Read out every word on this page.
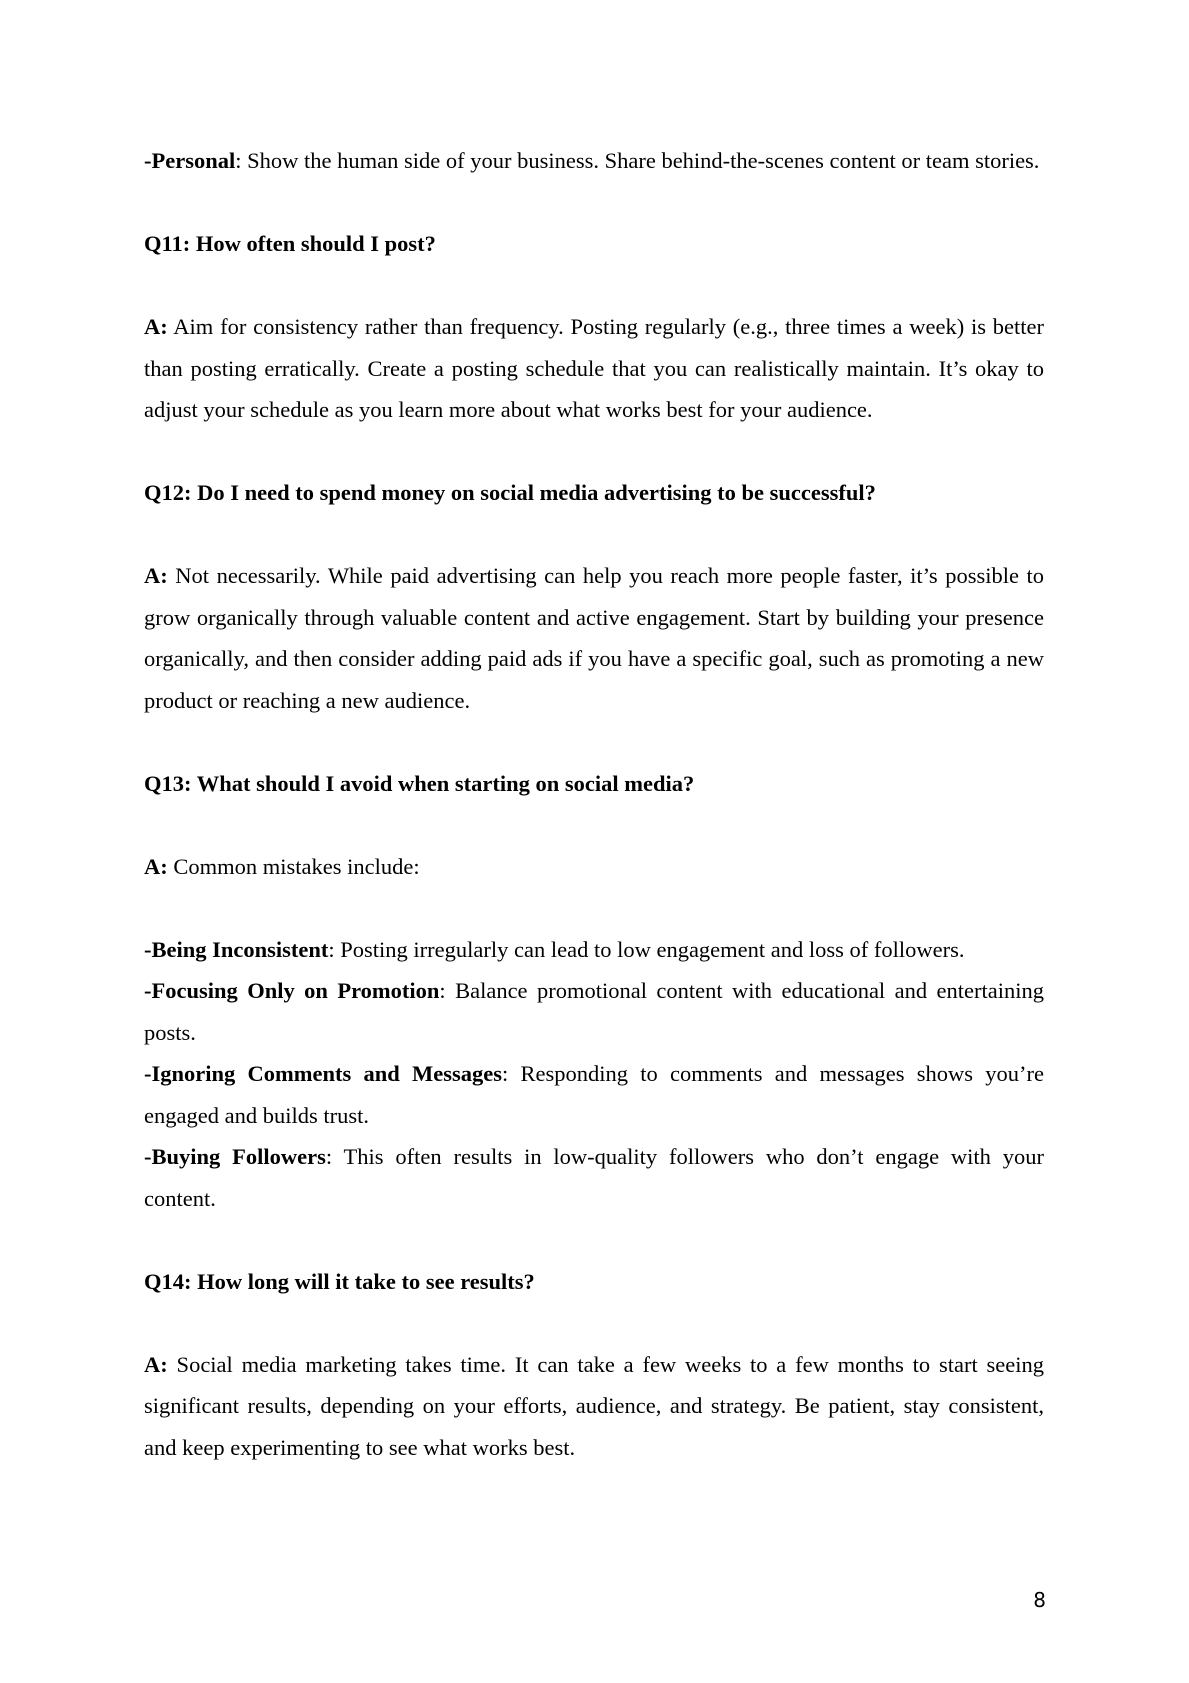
-Personal: Show the human side of your business. Share behind-the-scenes content or team stories.

Q11: How often should I post?

A: Aim for consistency rather than frequency. Posting regularly (e.g., three times a week) is better than posting erratically. Create a posting schedule that you can realistically maintain. It’s okay to adjust your schedule as you learn more about what works best for your audience.

Q12: Do I need to spend money on social media advertising to be successful?

A: Not necessarily. While paid advertising can help you reach more people faster, it’s possible to grow organically through valuable content and active engagement. Start by building your presence organically, and then consider adding paid ads if you have a specific goal, such as promoting a new product or reaching a new audience.

Q13: What should I avoid when starting on social media?

A: Common mistakes include:

-Being Inconsistent: Posting irregularly can lead to low engagement and loss of followers.

-Focusing Only on Promotion: Balance promotional content with educational and entertaining posts.

-Ignoring Comments and Messages: Responding to comments and messages shows you’re engaged and builds trust.

-Buying Followers: This often results in low-quality followers who don’t engage with your content.

Q14: How long will it take to see results?

A: Social media marketing takes time. It can take a few weeks to a few months to start seeing significant results, depending on your efforts, audience, and strategy. Be patient, stay consistent, and keep experimenting to see what works best.

8
